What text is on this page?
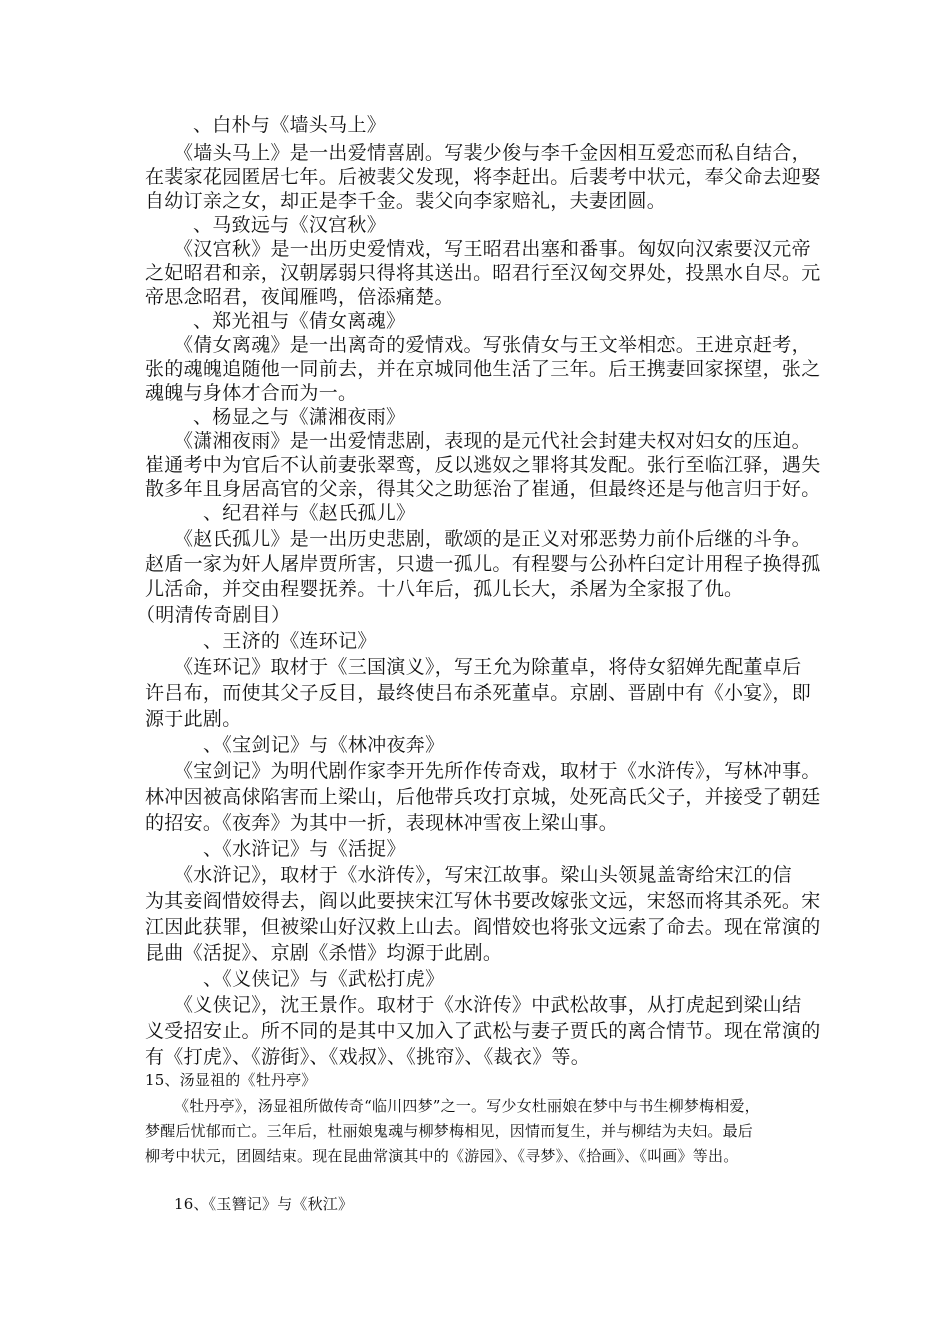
、白朴与《墙头马上》
《墙头马上》是一出爱情喜剧。写裴少俊与李千金因相互爱恋而私自结合，
在裴家花园匿居七年。后被裴父发现，将李赶出。后裴考中状元，奉父命去迎娶
自幼订亲之女，却正是李千金。裴父向李家赔礼，夫妻团圆。
、马致远与《汉宫秋》
《汉宫秋》是一出历史爱情戏，写王昭君出塞和番事。匈奴向汉索要汉元帝
之妃昭君和亲，汉朝孱弱只得将其送出。昭君行至汉匈交界处，投黑水自尽。元
帝思念昭君，夜闻雁鸣，倍添痛楚。
、郑光祖与《倩女离魂》
《倩女离魂》是一出离奇的爱情戏。写张倩女与王文举相恋。王进京赶考，
张的魂魄追随他一同前去，并在京城同他生活了三年。后王携妻回家探望，张之
魂魄与身体才合而为一。
、杨显之与《潇湘夜雨》
《潇湘夜雨》是一出爱情悲剧，表现的是元代社会封建夫权对妇女的压迫。
崔通考中为官后不认前妻张翠鸾，反以逃奴之罪将其发配。张行至临江驿，遇失
散多年且身居高官的父亲，得其父之助惩治了崔通，但最终还是与他言归于好。
、纪君祥与《赵氏孤儿》
《赵氏孤儿》是一出历史悲剧，歌颂的是正义对邪恶势力前仆后继的斗争。
赵盾一家为奸人屠岸贾所害，只遗一孤儿。有程婴与公孙杵臼定计用程子换得孤
儿活命，并交由程婴抚养。十八年后，孤儿长大，杀屠为全家报了仇。
（明清传奇剧目）
、王济的《连环记》
《连环记》取材于《三国演义》，写王允为除董卓，将侍女貂婵先配董卓后
许吕布，而使其父子反目，最终使吕布杀死董卓。京剧、晋剧中有《小宴》，即
源于此剧。
、《宝剑记》与《林冲夜奔》
《宝剑记》为明代剧作家李开先所作传奇戏，取材于《水浒传》，写林冲事。
林冲因被高俅陷害而上梁山，后他带兵攻打京城，处死高氏父子，并接受了朝廷
的招安。《夜奔》为其中一折，表现林冲雪夜上梁山事。
、《水浒记》与《活捉》
《水浒记》，取材于《水浒传》，写宋江故事。梁山头领晁盖寄给宋江的信
为其妾阎惜姣得去，阎以此要挟宋江写休书要改嫁张文远，宋怒而将其杀死。宋
江因此获罪，但被梁山好汉救上山去。阎惜姣也将张文远索了命去。现在常演的
昆曲《活捉》、京剧《杀惜》均源于此剧。
、《义侠记》与《武松打虎》
《义侠记》，沈王景作。取材于《水浒传》中武松故事，从打虎起到梁山结
义受招安止。所不同的是其中又加入了武松与妻子贾氏的离合情节。现在常演的
有《打虎》、《游街》、《戏叔》、《挑帘》、《裁衣》等。
15、汤显祖的《牡丹亭》
《牡丹亭》，汤显祖所做传奇“临川四梦”之一。写少女杜丽娘在梦中与书生柳梦梅相爱，
梦醒后忧郁而亡。三年后，杜丽娘鬼魂与柳梦梅相见，因情而复生，并与柳结为夫妇。最后
柳考中状元，团圆结束。现在昆曲常演其中的《游园》、《寻梦》、《拾画》、《叫画》等出。
16、《玉簪记》与《秋江》
